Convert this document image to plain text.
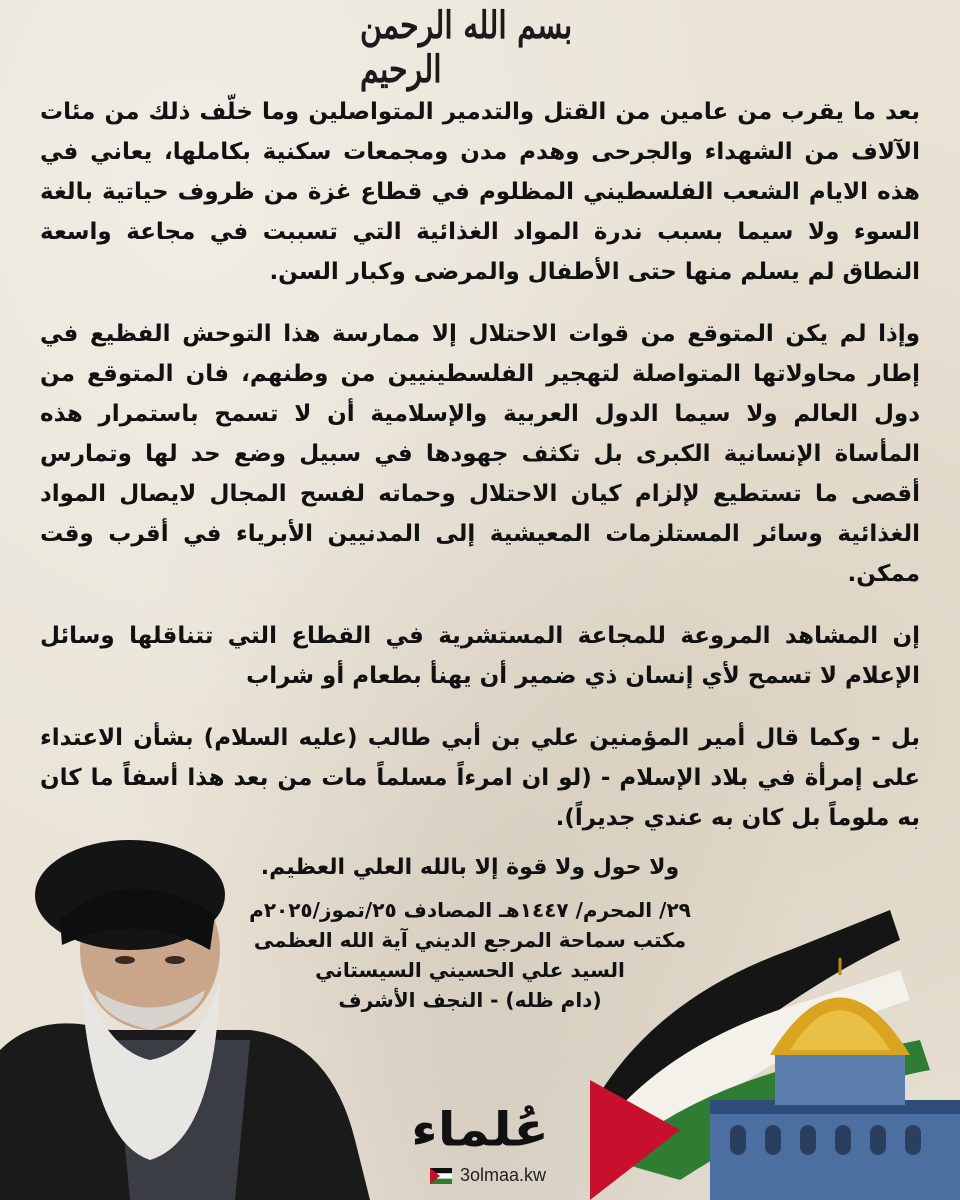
بسم الله الرحمن الرحيم

بعد ما يقرب من عامين من القتل والتدمير المتواصلين وما خلّف ذلك من مئات الآلاف من الشهداء والجرحى وهدم مدن ومجمعات سكنية بكاملها، يعاني في هذه الايام الشعب الفلسطيني المظلوم في قطاع غزة من ظروف حياتية بالغة السوء ولا سيما بسبب ندرة المواد الغذائية التي تسببت في مجاعة واسعة النطاق لم يسلم منها حتى الأطفال والمرضى وكبار السن.

وإذا لم يكن المتوقع من قوات الاحتلال إلا ممارسة هذا التوحش الفظيع في إطار محاولاتها المتواصلة لتهجير الفلسطينيين من وطنهم، فان المتوقع من دول العالم ولا سيما الدول العربية والإسلامية أن لا تسمح باستمرار هذه المأساة الإنسانية الكبرى بل تكثف جهودها في سبيل وضع حد لها وتمارس أقصى ما تستطيع لإلزام كيان الاحتلال وحماته لفسح المجال لايصال المواد الغذائية وسائر المستلزمات المعيشية إلى المدنيين الأبرياء في أقرب وقت ممكن.

إن المشاهد المروعة للمجاعة المستشرية في القطاع التي تتناقلها وسائل الإعلام لا تسمح لأي إنسان ذي ضمير أن يهنأ بطعام أو شراب

بل - وكما قال أمير المؤمنين علي بن أبي طالب (عليه السلام) بشأن الاعتداء على إمرأة في بلاد الإسلام - (لو ان امرءاً مسلماً مات من بعد هذا أسفاً ما كان به ملوماً بل كان به عندي جديراً).

ولا حول ولا قوة إلا بالله العلي العظيم.
٢٩/ المحرم/ ١٤٤٧هـ المصادف ٢٥/تموز/٢٠٢٥م
مكتب سماحة المرجع الديني آية الله العظمى
السيد علي الحسيني السيستاني
(دام ظله) - النجف الأشرف
عُلماء
3olmaa.kw
